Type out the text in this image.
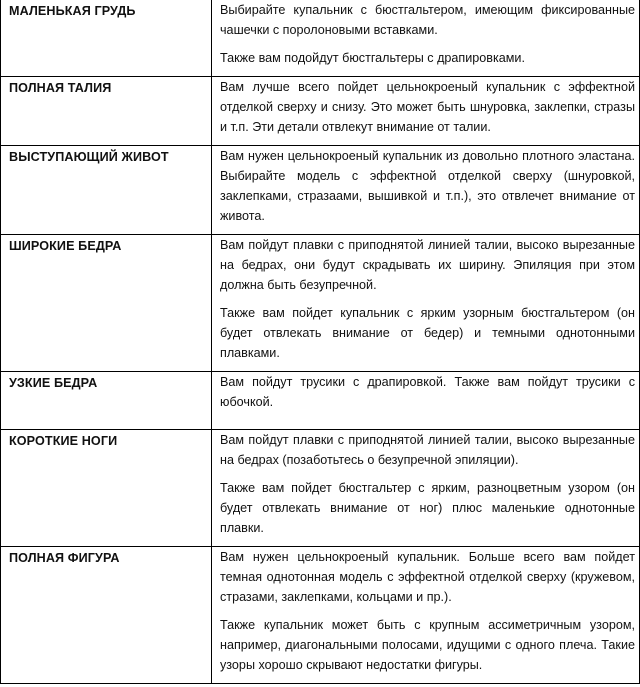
МАЛЕНЬКАЯ ГРУДЬ	Выбирайте купальник с бюстгальтером, имеющим фиксированные чашечки с поролоновыми вставками.

Также вам подойдут бюстгальтеры с драпировками.

ПОЛНАЯ ТАЛИЯ	Вам лучше всего пойдет цельнокроеный купальник с эффектной отделкой сверху и снизу. Это может быть шнуровка, заклепки, стразы и т.п. Эти детали отвлекут внимание от талии.

ВЫСТУПАЮЩИЙ ЖИВОТ	Вам нужен цельнокроеный купальник из довольно плотного эластана. Выбирайте модель с эффектной отделкой сверху (шнуровкой, заклепками, стразаами, вышивкой и т.п.), это отвлечет внимание от живота.

ШИРОКИЕ БЕДРА	Вам пойдут плавки с приподнятой линией талии, высоко вырезанные на бедрах, они будут скрадывать их ширину. Эпиляция при этом должна быть безупречной.

Также вам пойдет купальник с ярким узорным бюстгальтером (он будет отвлекать внимание от бедер) и темными однотонными плавками.

УЗКИЕ БЕДРА	Вам пойдут трусики с драпировкой. Также вам пойдут трусики с юбочкой.

КОРОТКИЕ НОГИ	Вам пойдут плавки с приподнятой линией талии, высоко вырезанные на бедрах (позаботьтесь о безупречной эпиляции).

Также вам пойдет бюстгальтер с ярким, разноцветным узором (он будет отвлекать внимание от ног) плюс маленькие однотонные плавки.

ПОЛНАЯ ФИГУРА	Вам нужен цельнокроеный купальник. Больше всего вам пойдет темная однотонная модель с эффектной отделкой сверху (кружевом, стразами, заклепками, кольцами и пр.).

Также купальник может быть с крупным ассиметричным узором, например, диагональными полосами, идущими с одного плеча. Такие узоры хорошо скрывают недостатки фигуры.
